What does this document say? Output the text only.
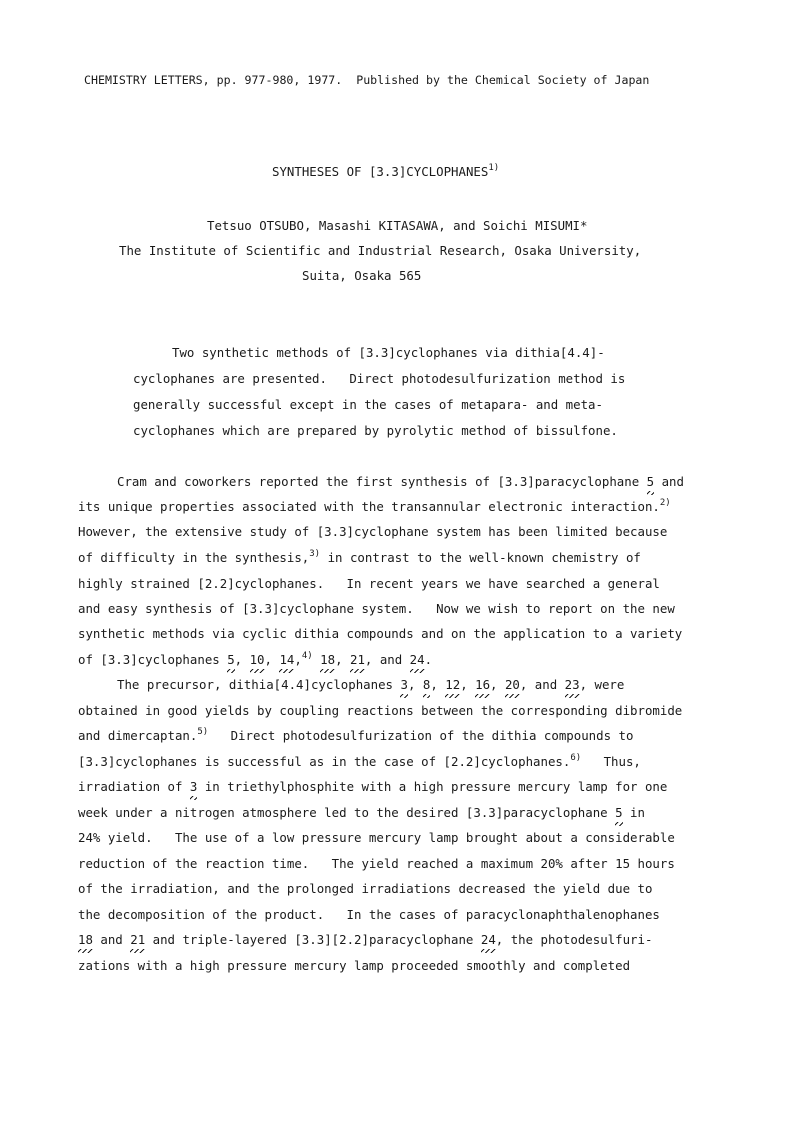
CHEMISTRY LETTERS, pp. 977-980, 1977.  Published by the Chemical Society of Japan
SYNTHESES OF [3.3]CYCLOPHANES$^{1)}$
Tetsuo OTSUBO, Masashi KITASAWA, and Soichi MISUMI*
The Institute of Scientific and Industrial Research, Osaka University,
Suita, Osaka 565
Two synthetic methods of [3.3]cyclophanes via dithia[4.4]-
cyclophanes are presented.   Direct photodesulfurization method is
generally successful except in the cases of metapara- and meta-
cyclophanes which are prepared by pyrolytic method of bissulfone.
Cram and coworkers reported the first synthesis of [3.3]paracyclophane 5 and
its unique properties associated with the transannular electronic interaction.$^{2)}$
However, the extensive study of [3.3]cyclophane system has been limited because
of difficulty in the synthesis,$^{3)}$ in contrast to the well-known chemistry of
highly strained [2.2]cyclophanes.   In recent years we have searched a general
and easy synthesis of [3.3]cyclophane system.   Now we wish to report on the new
synthetic methods via cyclic dithia compounds and on the application to a variety
of [3.3]cyclophanes 5, 10, 14,$^{4)}$ 18, 21, and 24.
The precursor, dithia[4.4]cyclophanes 3, 8, 12, 16, 20, and 23, were
obtained in good yields by coupling reactions between the corresponding dibromide
and dimercaptan.$^{5)}$   Direct photodesulfurization of the dithia compounds to
[3.3]cyclophanes is successful as in the case of [2.2]cyclophanes.$^{6)}$   Thus,
irradiation of 3 in triethylphosphite with a high pressure mercury lamp for one
week under a nitrogen atmosphere led to the desired [3.3]paracyclophane 5 in
24% yield.   The use of a low pressure mercury lamp brought about a considerable
reduction of the reaction time.   The yield reached a maximum 20% after 15 hours
of the irradiation, and the prolonged irradiations decreased the yield due to
the decomposition of the product.   In the cases of paracyclonaphthalenophanes
18 and 21 and triple-layered [3.3][2.2]paracyclophane 24, the photodesulfuri-
zations with a high pressure mercury lamp proceeded smoothly and completed
